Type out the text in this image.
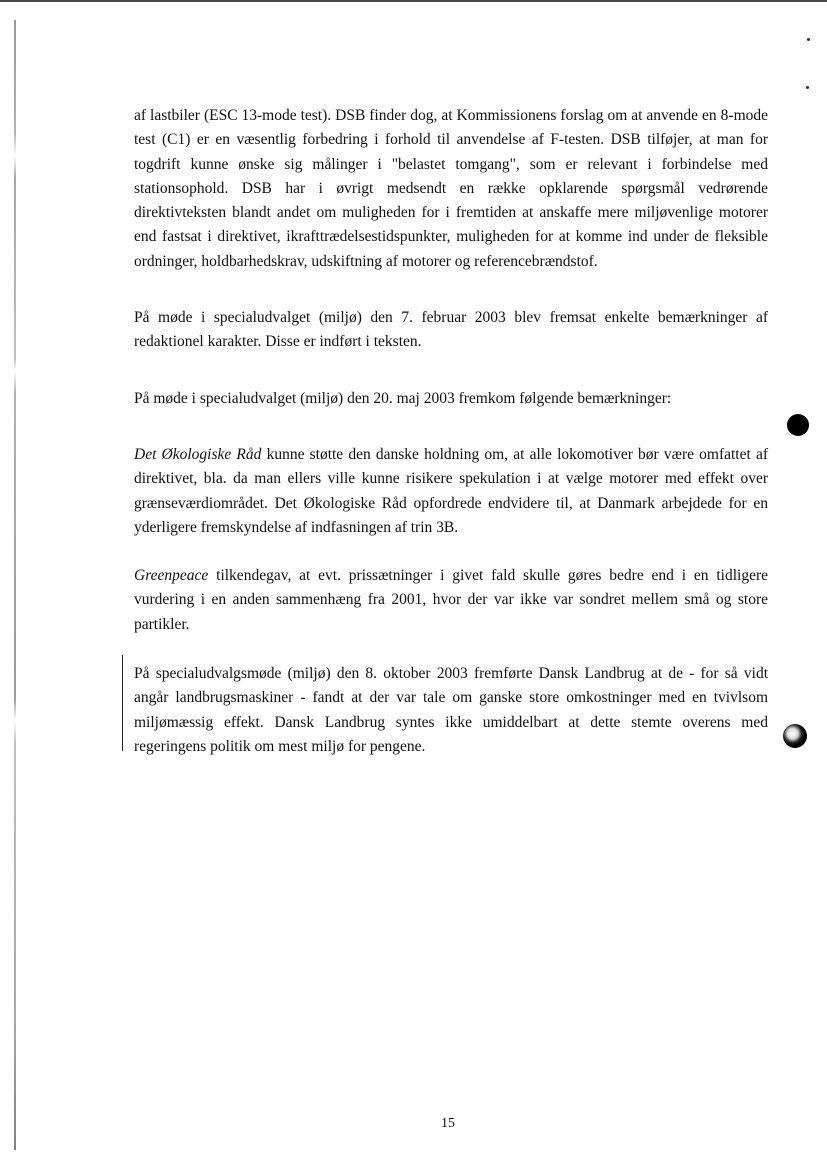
af lastbiler (ESC 13-mode test). DSB finder dog, at Kommissionens forslag om at anvende en 8-mode test (C1) er en væsentlig forbedring i forhold til anvendelse af F-testen. DSB tilføjer, at man for togdrift kunne ønske sig målinger i "belastet tomgang", som er relevant i forbindelse med stationsophold. DSB har i øvrigt medsendt en række opklarende spørgsmål vedrørende direktivteksten blandt andet om muligheden for i fremtiden at anskaffe mere miljøvenlige motorer end fastsat i direktivet, ikrafttrædelsestidspunkter, muligheden for at komme ind under de fleksible ordninger, holdbarhedskrav, udskiftning af motorer og referencebrændstof.

På møde i specialudvalget (miljø) den 7. februar 2003 blev fremsat enkelte bemærkninger af redaktionel karakter. Disse er indført i teksten.

På møde i specialudvalget (miljø) den 20. maj 2003 fremkom følgende bemærkninger:

Det Økologiske Råd kunne støtte den danske holdning om, at alle lokomotiver bør være omfattet af direktivet, bla. da man ellers ville kunne risikere spekulation i at vælge motorer med effekt over grænseværdiområdet. Det Økologiske Råd opfordrede endvidere til, at Danmark arbejdede for en yderligere fremskyndelse af indfasningen af trin 3B.

Greenpeace tilkendegav, at evt. prissætninger i givet fald skulle gøres bedre end i en tidligere vurdering i en anden sammenhæng fra 2001, hvor der var ikke var sondret mellem små og store partikler.

På specialudvalgsmøde (miljø) den 8. oktober 2003 fremførte Dansk Landbrug at de - for så vidt angår landbrugsmaskiner - fandt at der var tale om ganske store omkostninger med en tvivlsom miljømæssig effekt. Dansk Landbrug syntes ikke umiddelbart at dette stemte overens med regeringens politik om mest miljø for pengene.

15
